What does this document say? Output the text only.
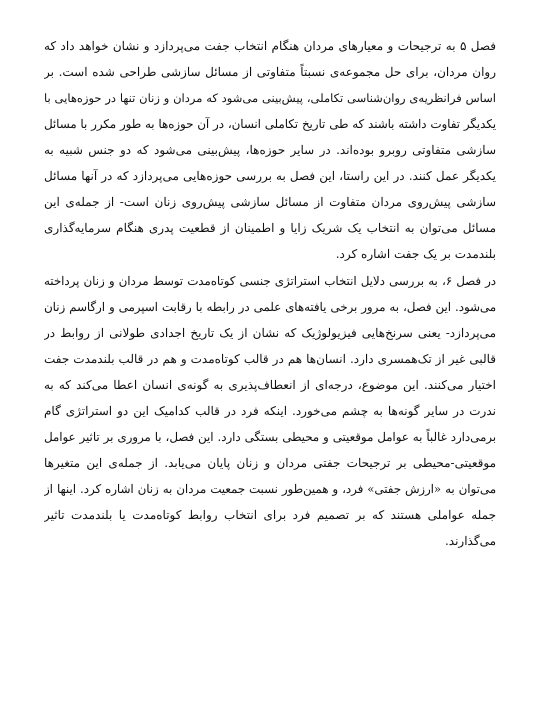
فصل ۵ به ترجیحات و معیارهای مردان هنگام انتخاب جفت می‌پردازد و نشان خواهد داد که
روان مردان، برای حل مجموعه‌ی نسبتاً متفاوتی از مسائل سازشی طراحی شده است. بر
اساس فرانظریه‌ی روان‌شناسی تکاملی، پیش‌بینی می‌شود که مردان و زنان تنها در حوزه‌هایی با
یکدیگر تفاوت داشته باشند که طی تاریخ تکاملی انسان، در آن حوزه‌ها به طور مکرر با مسائل
سازشی متفاوتی روبرو بوده‌اند. در سایر حوزه‌ها، پیش‌بینی می‌شود که دو جنس شبیه به
یکدیگر عمل کنند. در این راستا، این فصل به بررسی حوزه‌هایی می‌پردازد که در آنها مسائل
سازشی پیش‌روی مردان متفاوت از مسائل سازشی پیش‌روی زنان است- از جمله‌ی این
مسائل می‌توان به انتخاب یک شریک زایا و اطمینان از قطعیت پدری هنگام سرمایه‌گذاری
بلندمدت بر یک جفت اشاره کرد.
در فصل ۶، به بررسی دلایل انتخاب استراتژی جنسی کوتاه‌مدت توسط مردان و زنان پرداخته
می‌شود. این فصل، به مرور برخی یافته‌های علمی در رابطه با رقابت اسپرمی و ارگاسم زنان
می‌پردازد- یعنی سرنخ‌هایی فیزیولوژیک که نشان از یک تاریخ اجدادی طولانی از روابط در
قالبی غیر از تک‌همسری دارد. انسان‌ها هم در قالب کوتاه‌مدت و هم در قالب بلندمدت جفت
اختیار می‌کنند. این موضوع، درجه‌ای از انعطاف‌پذیری به گونه‌ی انسان اعطا می‌کند که به
ندرت در سایر گونه‌ها به چشم می‌خورد. اینکه فرد در قالب کدامیک این دو استراتژی گام
برمی‌دارد غالباً به عوامل موقعیتی و محیطی بستگی دارد. این فصل، با مروری بر تاثیر عوامل
موقعیتی-محیطی بر ترجیحات جفتی مردان و زنان پایان می‌یابد. از جمله‌ی این متغیرها
می‌توان به «ارزش جفتی» فرد، و همین‌طور نسبت جمعیت مردان به زنان اشاره کرد. اینها از
جمله عواملی هستند که بر تصمیم فرد برای انتخاب روابط کوتاه‌مدت یا بلندمدت تاثیر
می‌گذارند.
